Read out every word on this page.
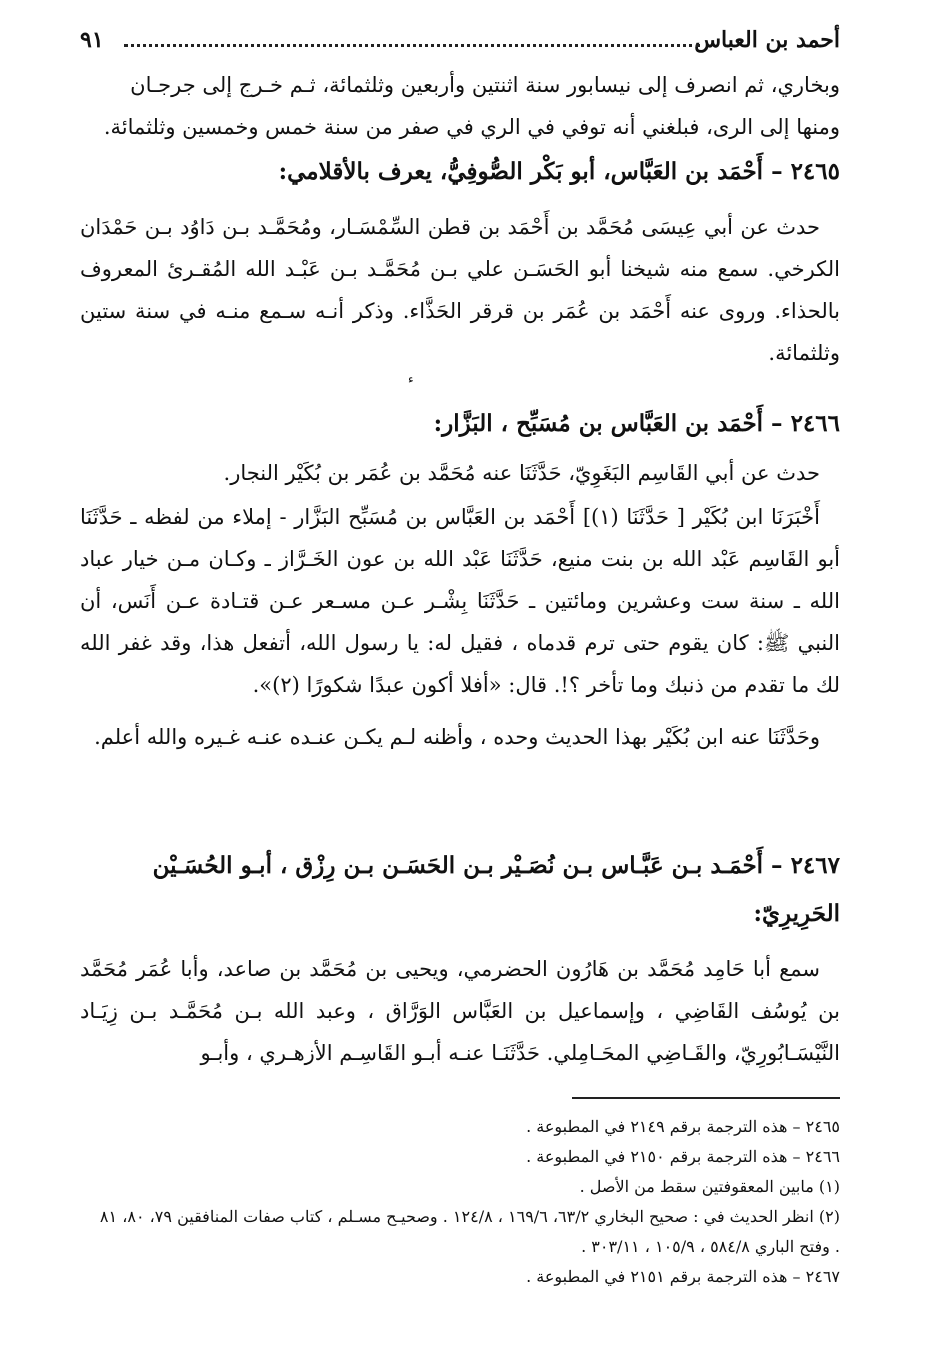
أحمد بن العباس
٩١

وبخاري، ثم انصرف إلى نيسابور سنة اثنتين وأربعين وثلثمائة، ثـم خـرج إلى جرجـان

ومنها إلى الرى، فبلغني أنه توفي في الري في صفر من سنة خمس وخمسين وثلثمائة.

٢٤٦٥ – أَحْمَد بن العَبَّاس، أبو بَكْر الصُّوفِيُّ، يعرف بالأقلامي:

حدث عن أبي عِيسَى مُحَمَّد بن أَحْمَد بن قطن السِّمْسَـار، ومُحَمَّـد بـن دَاوُد بـن حَمْدَان الكرخي. سمع منه شيخنا أبو الحَسَـن علي بـن مُحَمَّـد بـن عَبْـد الله المُقـرئ المعروف بالحذاء. وروى عنه أَحْمَد بن عُمَر بن قرقر الحَذَّاء. وذكر أنـه سـمع منـه في سنة ستين وثلثمائة.

ء

٢٤٦٦ – أَحْمَد بن العَبَّاس بن مُسَبِّح ، البَزَّار:

حدث عن أبي القَاسِم البَغَوِيّ، حَدَّثَنَا عنه مُحَمَّد بن عُمَر بن بُكَيْر النجار.

أَخْبَرَنَا ابن بُكَيْر [ حَدَّثَنَا (١)] أَحْمَد بن العَبَّاس بن مُسَبِّح البَزَّار - إملاء من لفظه ـ حَدَّثَنَا أبو القَاسِم عَبْد الله بن بنت منيع، حَدَّثَنَا عَبْد الله بن عون الخَـرَّاز ـ وكـان مـن خيار عباد الله ـ سنة ست وعشرين ومائتين ـ حَدَّثَنَا بِشْـر عـن مسـعر عـن قتـادة عـن أَنَس، أن النبي ﷺ: كان يقوم حتى ترم قدماه ، فقيل له: يا رسول الله، أتفعل هذا، وقد غفر الله لك ما تقدم من ذنبك وما تأخر ؟!. قال: «أفلا أكون عبدًا شكورًا (٢)».

وحَدَّثَنَا عنه ابن بُكَيْر بهذا الحديث وحده ، وأظنه لـم يكـن عنـده عنـه غـيره والله أعلم.

٢٤٦٧ – أَحْمَـد بـن عَبَّـاس بـن نُصَـيْر بـن الحَسَـن بـن رِزْق ، أبـو الحُسَـيْن الحَرِيرِيّ:

سمع أبا حَامِد مُحَمَّد بن هَارُون الحضرمي، ويحيى بن مُحَمَّد بن صاعد، وأبا عُمَر مُحَمَّد بن يُوسُف القَاضِي ، وإسماعيل بن العَبَّاس الوَرَّاق ، وعبد الله بـن مُحَمَّـد بـن زِيَـاد النَّيْسَـابُورِيّ، والقَـاضِي المحَـامِلي. حَدَّثَنَـا عنـه أبـو القَاسِـم الأزهـري ، وأبـو

٢٤٦٥ – هذه الترجمة برقم ٢١٤٩ في المطبوعة .

٢٤٦٦ – هذه الترجمة برقم ٢١٥٠ في المطبوعة .

(١) مابين المعقوفتين سقط من الأصل .

(٢) انظر الحديث في : صحيح البخاري ٦٣/٢، ١٦٩/٦ ، ١٢٤/٨ . وصحيـح مسـلم ، كتاب صفات المنافقين ٧٩، ٨٠، ٨١ . وفتح الباري ٥٨٤/٨ ، ١٠٥/٩ ، ٣٠٣/١١ .

٢٤٦٧ – هذه الترجمة برقم ٢١٥١ في المطبوعة .
